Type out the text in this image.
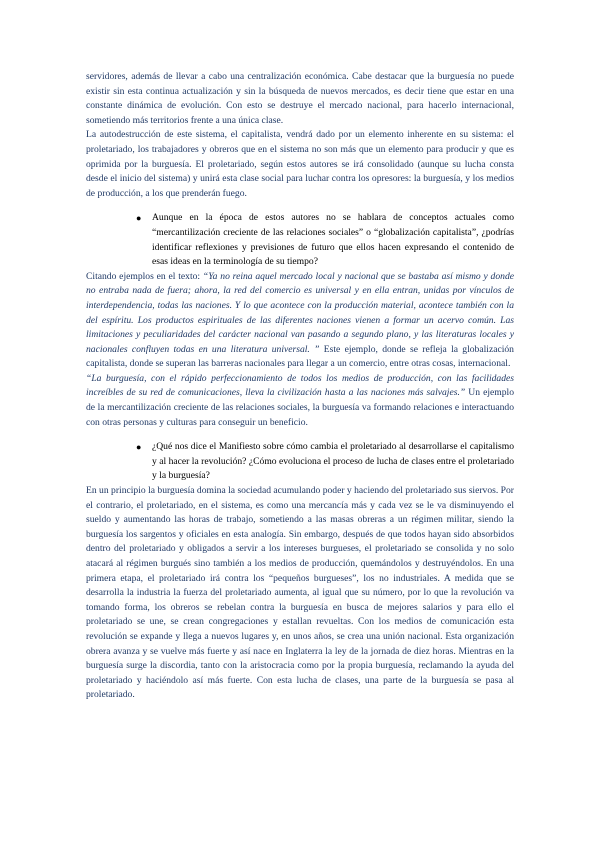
servidores, además de llevar a cabo una centralización económica. Cabe destacar que la burguesía no puede existir sin esta continua actualización y sin la búsqueda de nuevos mercados, es decir tiene que estar en una constante dinámica de evolución. Con esto se destruye el mercado nacional, para hacerlo internacional, sometiendo más territorios frente a una única clase.

La autodestrucción de este sistema, el capitalista, vendrá dado por un elemento inherente en su sistema: el proletariado, los trabajadores y obreros que en el sistema no son más que un elemento para producir y que es oprimida por la burguesía. El proletariado, según estos autores se irá consolidado (aunque su lucha consta desde el inicio del sistema) y unirá esta clase social para luchar contra los opresores: la burguesía, y los medios de producción, a los que prenderán fuego.

● Aunque en la época de estos autores no se hablara de conceptos actuales como “mercantilización creciente de las relaciones sociales” o “globalización capitalista”, ¿podrías identificar reflexiones y previsiones de futuro que ellos hacen expresando el contenido de esas ideas en la terminología de su tiempo?

Citando ejemplos en el texto: “Ya no reina aquel mercado local y nacional que se bastaba así mismo y donde no entraba nada de fuera; ahora, la red del comercio es universal y en ella entran, unidas por vínculos de interdependencia, todas las naciones. Y lo que acontece con la producción material, acontece también con la del espíritu. Los productos espirituales de las diferentes naciones vienen a formar un acervo común. Las limitaciones y peculiaridades del carácter nacional van pasando a segundo plano, y las literaturas locales y nacionales confluyen todas en una literatura universal. ” Este ejemplo, donde se refleja la globalización capitalista, donde se superan las barreras nacionales para llegar a un comercio, entre otras cosas, internacional.

“La burguesía, con el rápido perfeccionamiento de todos los medios de producción, con las facilidades increíbles de su red de comunicaciones, lleva la civilización hasta a las naciones más salvajes.” Un ejemplo de la mercantilización creciente de las relaciones sociales, la burguesía va formando relaciones e interactuando con otras personas y culturas para conseguir un beneficio.

● ¿Qué nos dice el Manifiesto sobre cómo cambia el proletariado al desarrollarse el capitalismo y al hacer la revolución? ¿Cómo evoluciona el proceso de lucha de clases entre el proletariado y la burguesía?

En un principio la burguesía domina la sociedad acumulando poder y haciendo del proletariado sus siervos. Por el contrario, el proletariado, en el sistema, es como una mercancía más y cada vez se le va disminuyendo el sueldo y aumentando las horas de trabajo, sometiendo a las masas obreras a un régimen militar, siendo la burguesía los sargentos y oficiales en esta analogía. Sin embargo, después de que todos hayan sido absorbidos dentro del proletariado y obligados a servir a los intereses burgueses, el proletariado se consolida y no solo atacará al régimen burgués sino también a los medios de producción, quemándolos y destruyéndolos. En una primera etapa, el proletariado irá contra los “pequeños burgueses”, los no industriales. A medida que se desarrolla la industria la fuerza del proletariado aumenta, al igual que su número, por lo que la revolución va tomando forma, los obreros se rebelan contra la burguesía en busca de mejores salarios y para ello el proletariado se une, se crean congregaciones y estallan revueltas. Con los medios de comunicación esta revolución se expande y llega a nuevos lugares y, en unos años, se crea una unión nacional. Esta organización obrera avanza y se vuelve más fuerte y así nace en Inglaterra la ley de la jornada de diez horas. Mientras en la burguesía surge la discordia, tanto con la aristocracia como por la propia burguesía, reclamando la ayuda del proletariado y haciéndolo así más fuerte. Con esta lucha de clases, una parte de la burguesía se pasa al proletariado.
